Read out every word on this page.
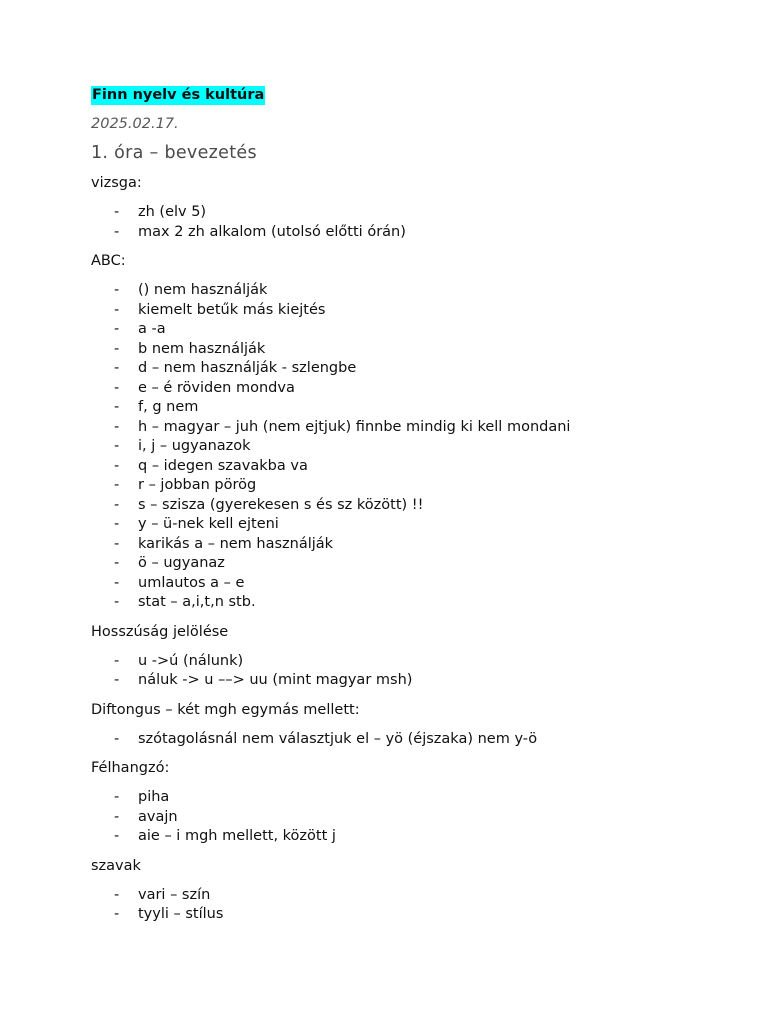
Finn nyelv és kultúra
2025.02.17.
1. óra – bevezetés
vizsga:
- zh (elv 5)
- max 2 zh alkalom (utolsó előtti órán)
ABC:
- () nem használják
- kiemelt betűk más kiejtés
- a -a
- b nem használják
- d – nem használják - szlengbe
- e – é röviden mondva
- f, g nem
- h – magyar – juh (nem ejtjuk) finnbe mindig ki kell mondani
- i, j – ugyanazok
- q – idegen szavakba va
- r – jobban pörög
- s – szisza (gyerekesen s és sz között) !!
- y – ü-nek kell ejteni
- karikás a – nem használják
- ö – ugyanaz
- umlautos a – e
- stat – a,i,t,n stb.
Hosszúság jelölése
- u ->ú (nálunk)
- náluk -> u ––> uu (mint magyar msh)
Diftongus – két mgh egymás mellett:
- szótagolásnál nem választjuk el – yö (éjszaka) nem y-ö
Félhangzó:
- piha
- avajn
- aie – i mgh mellett, között j
szavak
- vari – szín
- tyyli – stílus
